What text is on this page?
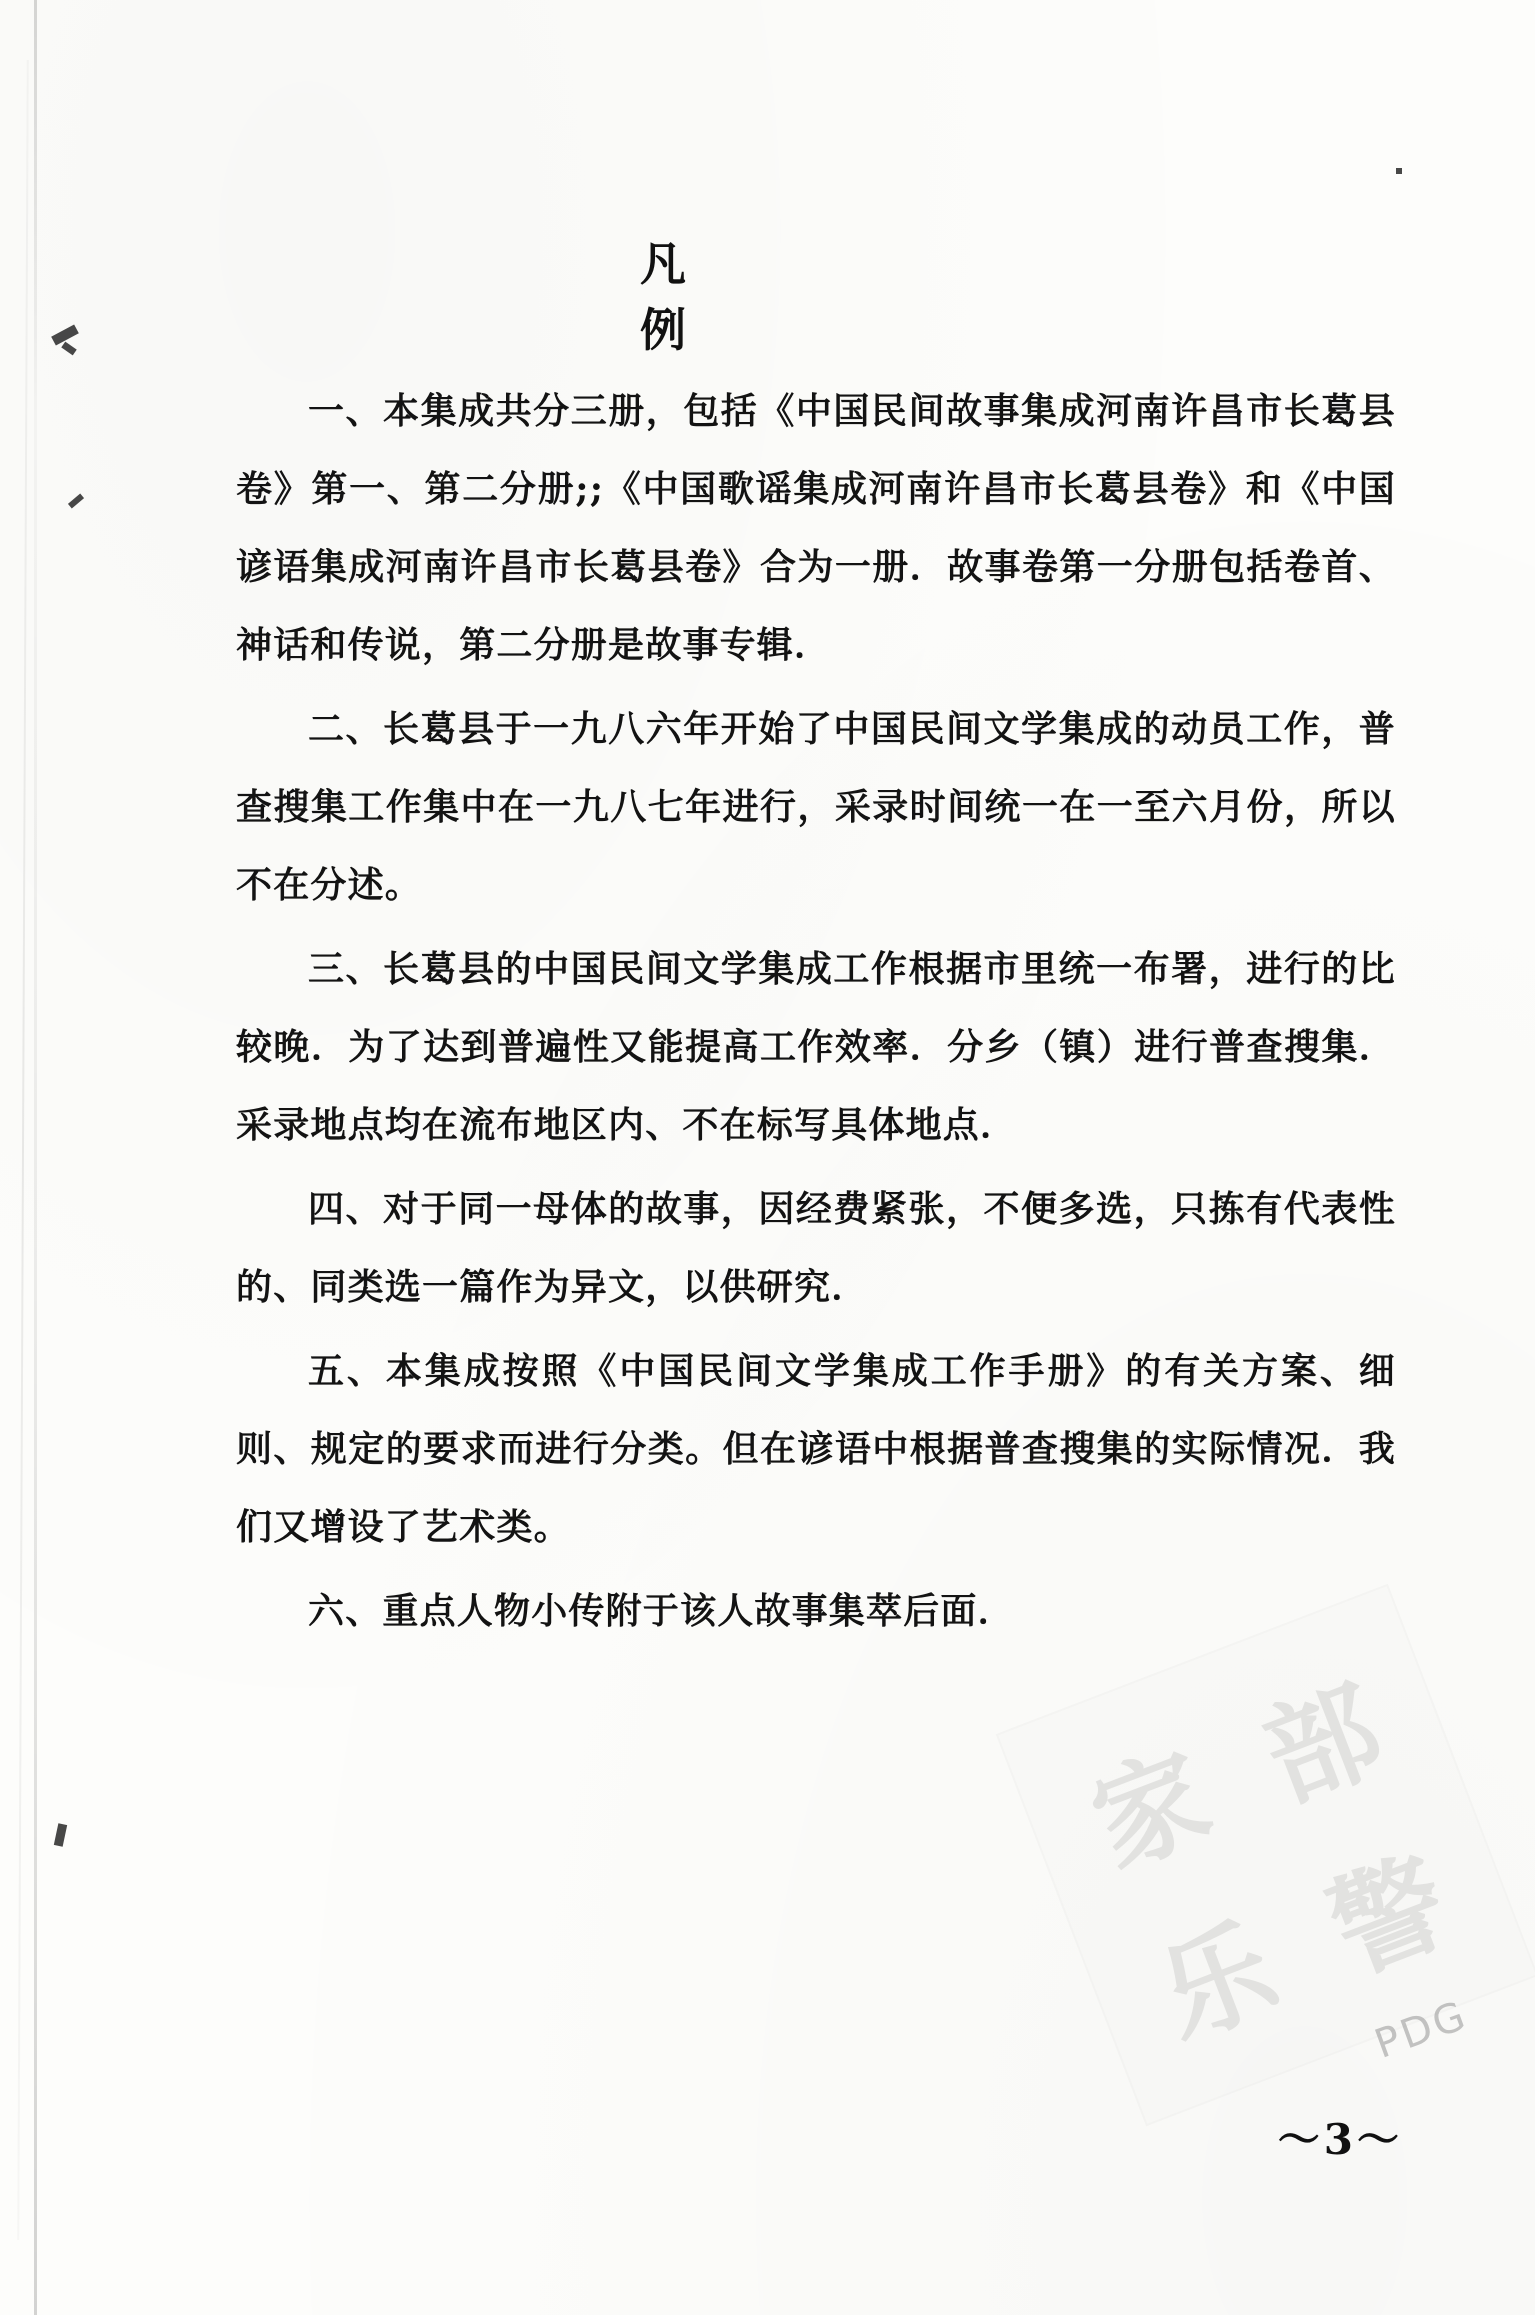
凡　　例

一、本集成共分三册，包括《中国民间故事集成河南许昌市长葛县卷》第一、第二分册;;《中国歌谣集成河南许昌市长葛县卷》和《中国谚语集成河南许昌市长葛县卷》合为一册．故事卷第一分册包括卷首、神话和传说，第二分册是故事专辑．

二、长葛县于一九八六年开始了中国民间文学集成的动员工作，普查搜集工作集中在一九八七年进行，采录时间统一在一至六月份，所以　不在分述。

三、长葛县的中国民间文学集成工作根据市里统一布署，进行的比较晚．为了达到普遍性又能提高工作效率．分乡（镇）进行普查搜集．采录地点均在流布地区内、不在标写具体地点．

四、对于同一母体的故事，因经费紧张，不便多选，只拣有代表性的、同类选一篇作为异文，以供研究．

五、本集成按照《中国民间文学集成工作手册》的有关方案、细则、规定的要求而进行分类。但在谚语中根据普查搜集的实际情况．我们又增设了艺术类。

六、重点人物小传附于该人故事集萃后面．

家 部
乐 警
PDG
〜3〜
